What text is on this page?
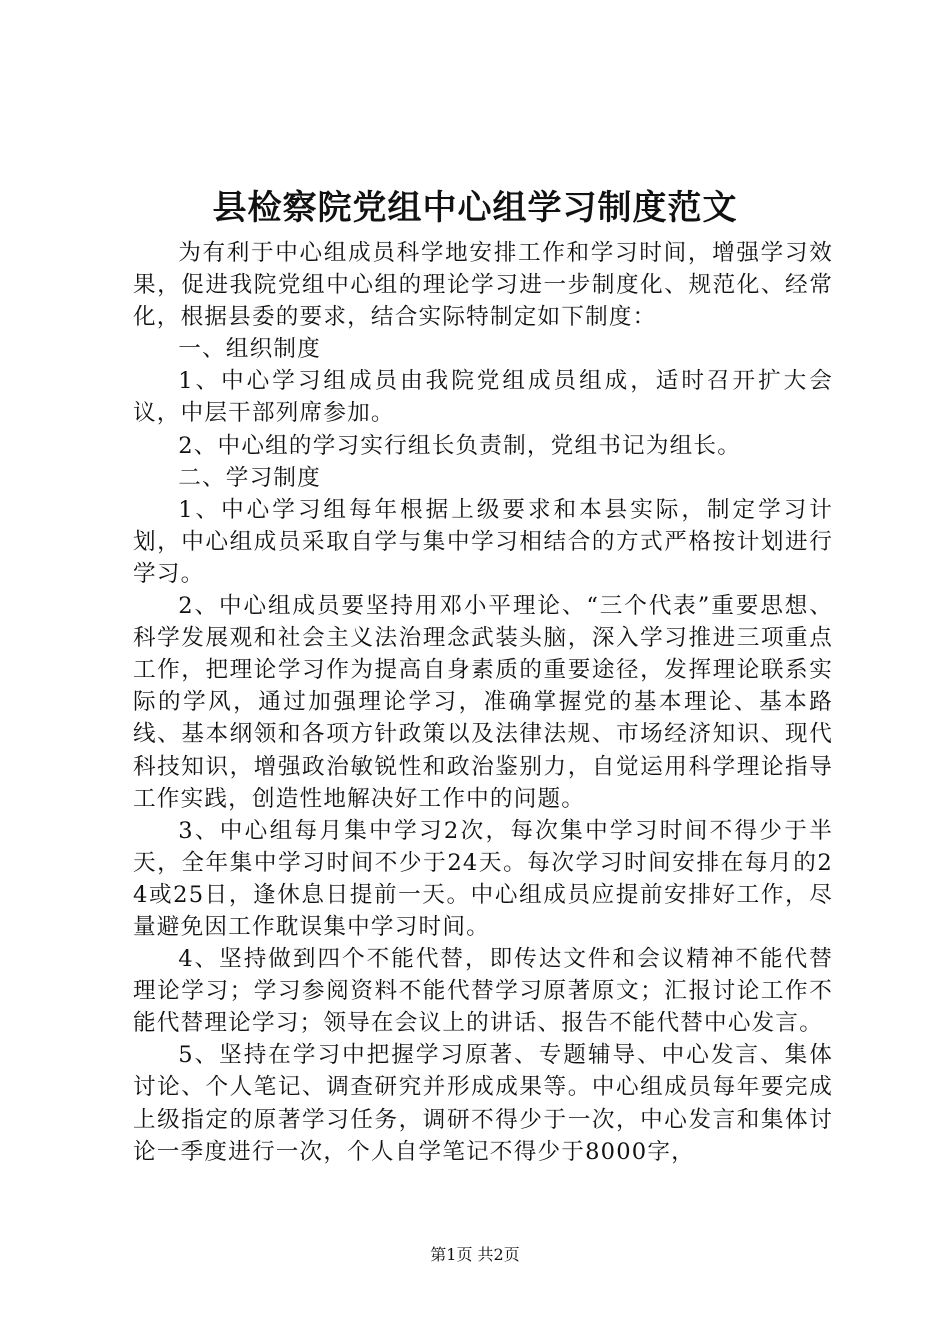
县检察院党组中心组学习制度范文

为有利于中心组成员科学地安排工作和学习时间，增强学习效果，促进我院党组中心组的理论学习进一步制度化、规范化、经常化，根据县委的要求，结合实际特制定如下制度：

一、组织制度

1、中心学习组成员由我院党组成员组成，适时召开扩大会议，中层干部列席参加。

2、中心组的学习实行组长负责制，党组书记为组长。

二、学习制度

1、中心学习组每年根据上级要求和本县实际，制定学习计划，中心组成员采取自学与集中学习相结合的方式严格按计划进行学习。

2、中心组成员要坚持用邓小平理论、“三个代表”重要思想、科学发展观和社会主义法治理念武装头脑，深入学习推进三项重点工作，把理论学习作为提高自身素质的重要途径，发挥理论联系实际的学风，通过加强理论学习，准确掌握党的基本理论、基本路线、基本纲领和各项方针政策以及法律法规、市场经济知识、现代科技知识，增强政治敏锐性和政治鉴别力，自觉运用科学理论指导工作实践，创造性地解决好工作中的问题。

3、中心组每月集中学习2次，每次集中学习时间不得少于半天，全年集中学习时间不少于24天。每次学习时间安排在每月的24或25日，逢休息日提前一天。中心组成员应提前安排好工作，尽量避免因工作耽误集中学习时间。

4、坚持做到四个不能代替，即传达文件和会议精神不能代替理论学习；学习参阅资料不能代替学习原著原文；汇报讨论工作不能代替理论学习；领导在会议上的讲话、报告不能代替中心发言。

5、坚持在学习中把握学习原著、专题辅导、中心发言、集体讨论、个人笔记、调查研究并形成成果等。中心组成员每年要完成上级指定的原著学习任务，调研不得少于一次，中心发言和集体讨论一季度进行一次，个人自学笔记不得少于8000字，

第1页 共2页
